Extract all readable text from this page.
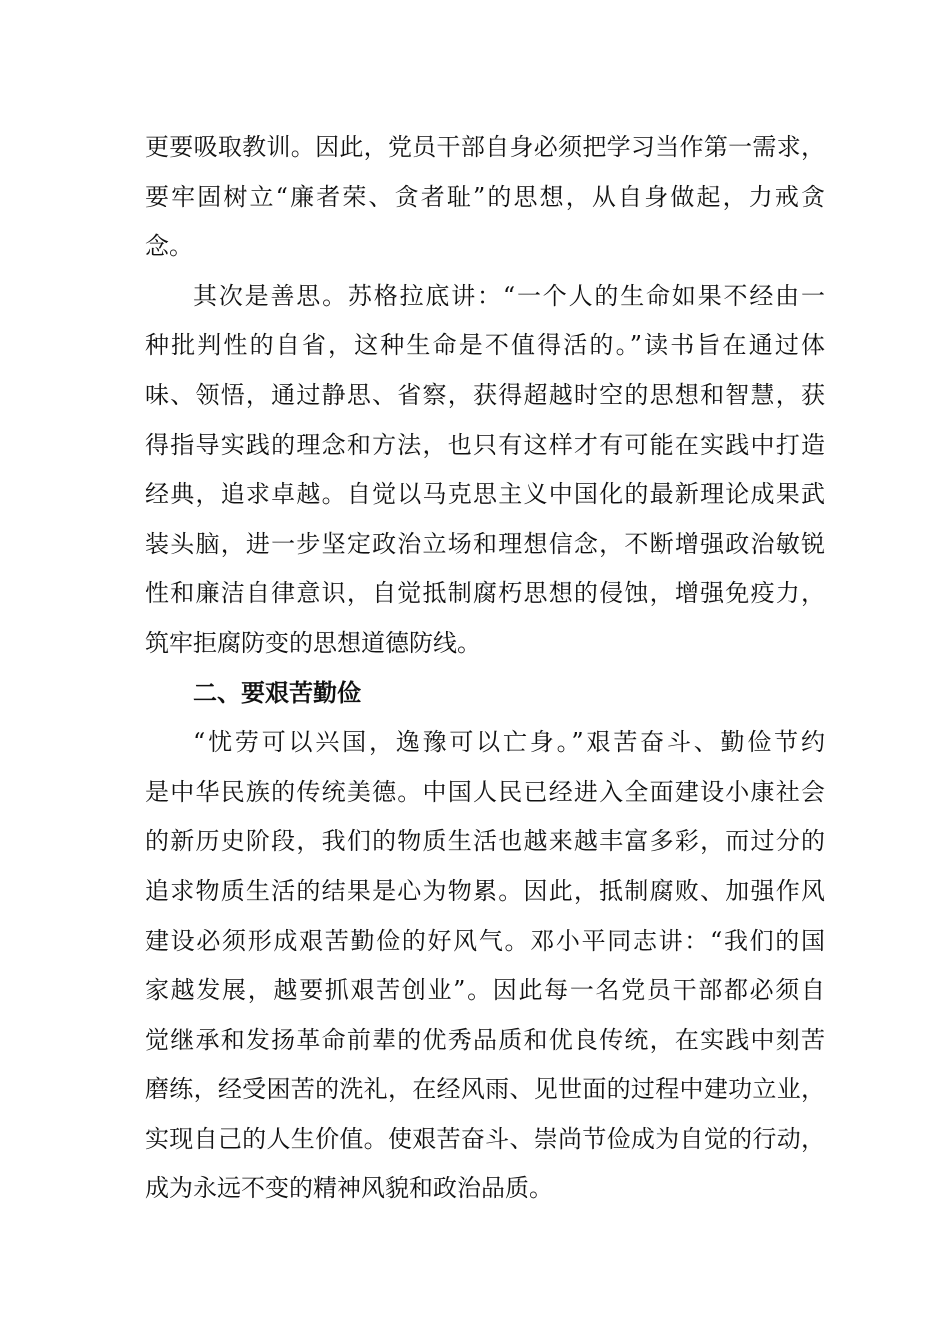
更要吸取教训。因此，党员干部自身必须把学习当作第一需求，
要牢固树立“廉者荣、贪者耻”的思想，从自身做起，力戒贪
念。
其次是善思。苏格拉底讲：“一个人的生命如果不经由一
种批判性的自省，这种生命是不值得活的。”读书旨在通过体
味、领悟，通过静思、省察，获得超越时空的思想和智慧，获
得指导实践的理念和方法，也只有这样才有可能在实践中打造
经典，追求卓越。自觉以马克思主义中国化的最新理论成果武
装头脑，进一步坚定政治立场和理想信念，不断增强政治敏锐
性和廉洁自律意识，自觉抵制腐朽思想的侵蚀，增强免疫力，
筑牢拒腐防变的思想道德防线。
二、要艰苦勤俭
“忧劳可以兴国，逸豫可以亡身。”艰苦奋斗、勤俭节约
是中华民族的传统美德。中国人民已经进入全面建设小康社会
的新历史阶段，我们的物质生活也越来越丰富多彩，而过分的
追求物质生活的结果是心为物累。因此，抵制腐败、加强作风
建设必须形成艰苦勤俭的好风气。邓小平同志讲：“我们的国
家越发展，越要抓艰苦创业”。因此每一名党员干部都必须自
觉继承和发扬革命前辈的优秀品质和优良传统，在实践中刻苦
磨练，经受困苦的洗礼，在经风雨、见世面的过程中建功立业，
实现自己的人生价值。使艰苦奋斗、崇尚节俭成为自觉的行动，
成为永远不变的精神风貌和政治品质。
